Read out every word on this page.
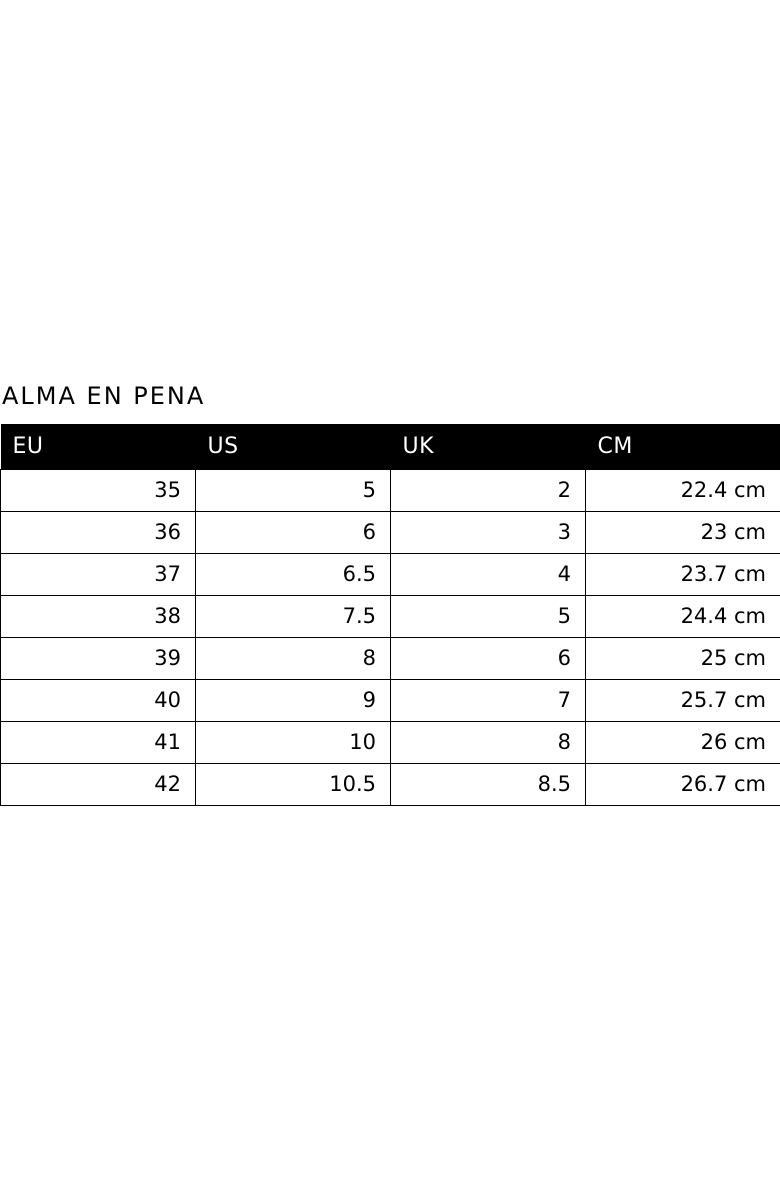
ALMA EN PENA
EU	US	UK	CM
35	5	2	22.4 cm
36	6	3	23 cm
37	6.5	4	23.7 cm
38	7.5	5	24.4 cm
39	8	6	25 cm
40	9	7	25.7 cm
41	10	8	26 cm
42	10.5	8.5	26.7 cm
